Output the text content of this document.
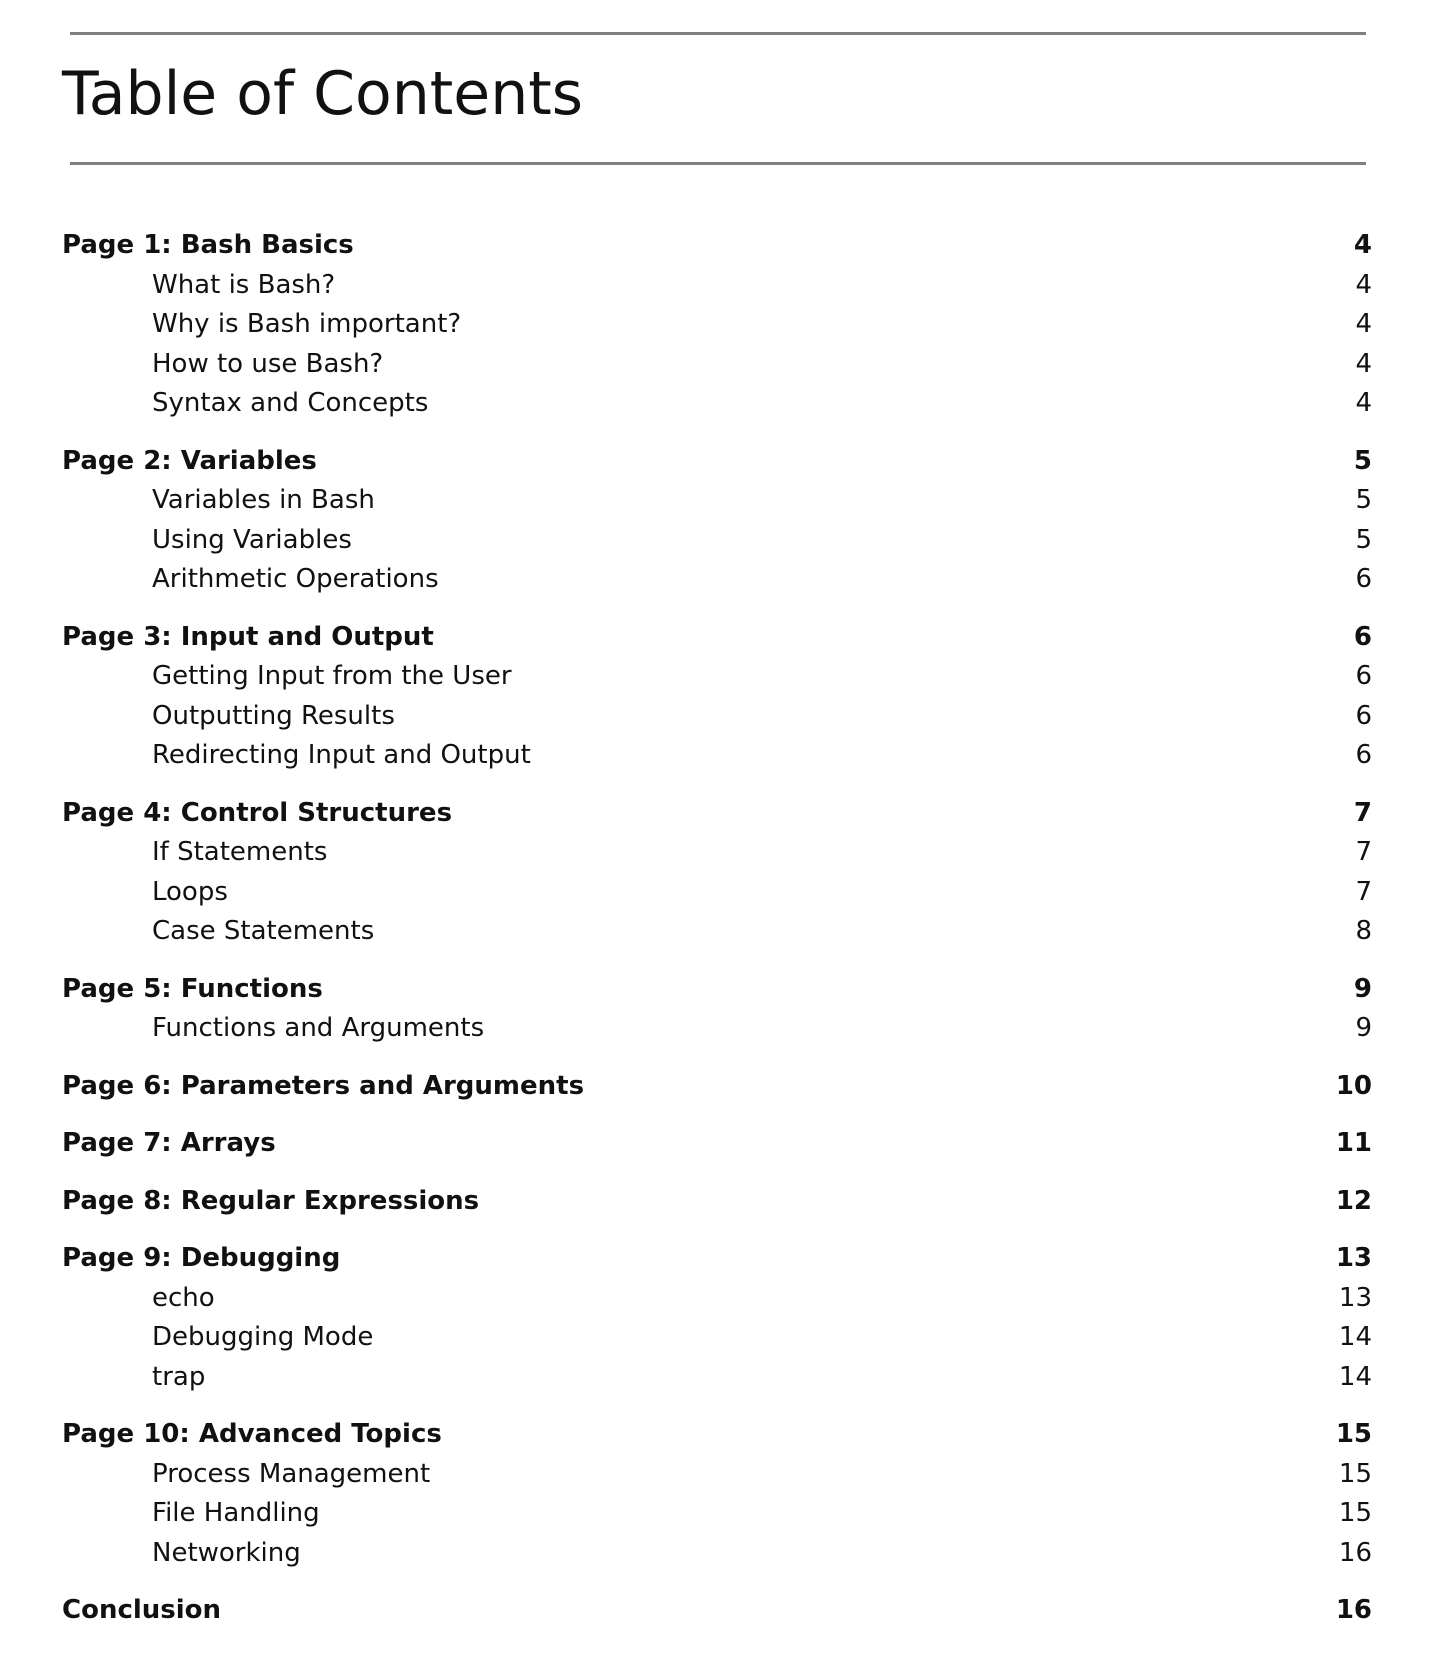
Table of Contents
Page 1: Bash Basics	4
What is Bash?	4
Why is Bash important?	4
How to use Bash?	4
Syntax and Concepts	4
Page 2: Variables	5
Variables in Bash	5
Using Variables	5
Arithmetic Operations	6
Page 3: Input and Output	6
Getting Input from the User	6
Outputting Results	6
Redirecting Input and Output	6
Page 4: Control Structures	7
If Statements	7
Loops	7
Case Statements	8
Page 5: Functions	9
Functions and Arguments	9
Page 6: Parameters and Arguments	10
Page 7: Arrays	11
Page 8: Regular Expressions	12
Page 9: Debugging	13
echo	13
Debugging Mode	14
trap	14
Page 10: Advanced Topics	15
Process Management	15
File Handling	15
Networking	16
Conclusion	16
